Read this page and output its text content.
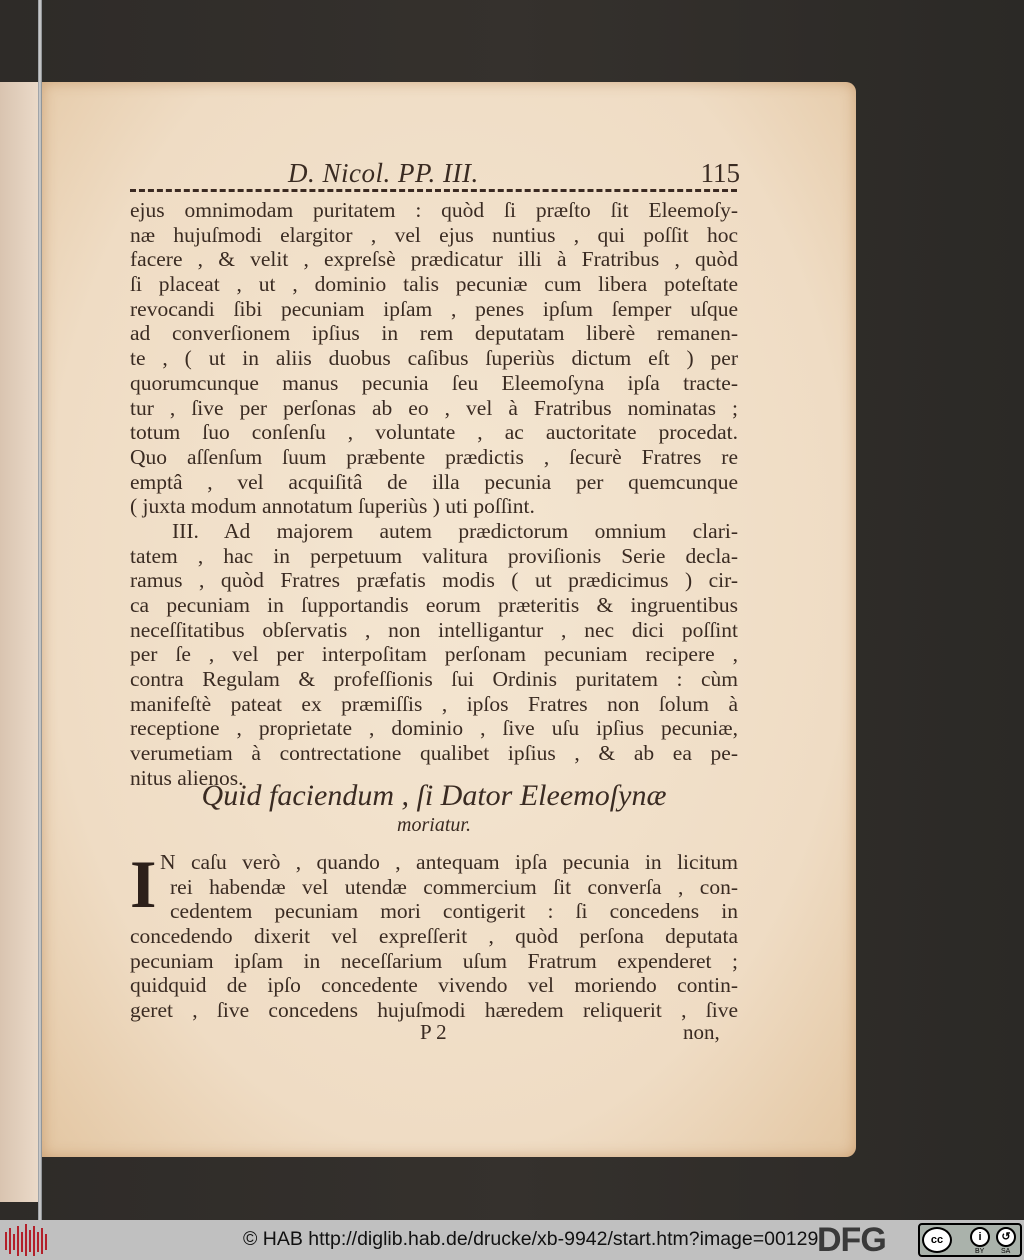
D. Nicol. PP. III.	115
ejus omnimodam puritatem : quòd ſi præſto ſit Eleemoſy-
næ hujuſmodi elargitor , vel ejus nuntius , qui poſſit hoc
facere , & velit , expreſsè prædicatur illi à Fratribus , quòd
ſi placeat , ut , dominio talis pecuniæ cum libera poteſtate
revocandi ſibi pecuniam ipſam , penes ipſum ſemper uſque
ad converſionem ipſius in rem deputatam liberè remanen-
te , ( ut in aliis duobus caſibus ſuperiùs dictum eſt ) per
quorumcunque manus pecunia ſeu Eleemoſyna ipſa tracte-
tur , ſive per perſonas ab eo , vel à Fratribus nominatas ;
totum ſuo conſenſu , voluntate , ac auctoritate procedat.
Quo aſſenſum ſuum præbente prædictis , ſecurè Fratres re
emptâ , vel acquiſitâ de illa pecunia per quemcunque
( juxta modum annotatum ſuperiùs ) uti poſſint.
III. Ad majorem autem prædictorum omnium clari-
tatem , hac in perpetuum valitura proviſionis Serie decla-
ramus , quòd Fratres præfatis modis ( ut prædicimus ) cir-
ca pecuniam in ſupportandis eorum præteritis & ingruentibus
neceſſitatibus obſervatis , non intelligantur , nec dici poſſint
per ſe , vel per interpoſitam perſonam pecuniam recipere ,
contra Regulam & profeſſionis ſui Ordinis puritatem : cùm
manifeſtè pateat ex præmiſſis , ipſos Fratres non ſolum à
receptione , proprietate , dominio , ſive uſu ipſius pecuniæ,
verumetiam à contrectatione qualibet ipſius , & ab ea pe-
nitus alienos.
Quid faciendum , ſi Dator Eleemoſynæ
moriatur.
I N caſu verò , quando , antequam ipſa pecunia in licitum
rei habendæ vel utendæ commercium ſit converſa , con-
cedentem pecuniam mori contigerit : ſi concedens in
concedendo dixerit vel expreſſerit , quòd perſona deputata
pecuniam ipſam in neceſſarium uſum Fratrum expenderet ;
quidquid de ipſo concedente vivendo vel moriendo contin-
geret , ſive concedens hujuſmodi hæredem reliquerit , ſive
P 2	non,
© HAB http://diglib.hab.de/drucke/xb-9942/start.htm?image=00129
DFG	cc	i	↺
BY SA
